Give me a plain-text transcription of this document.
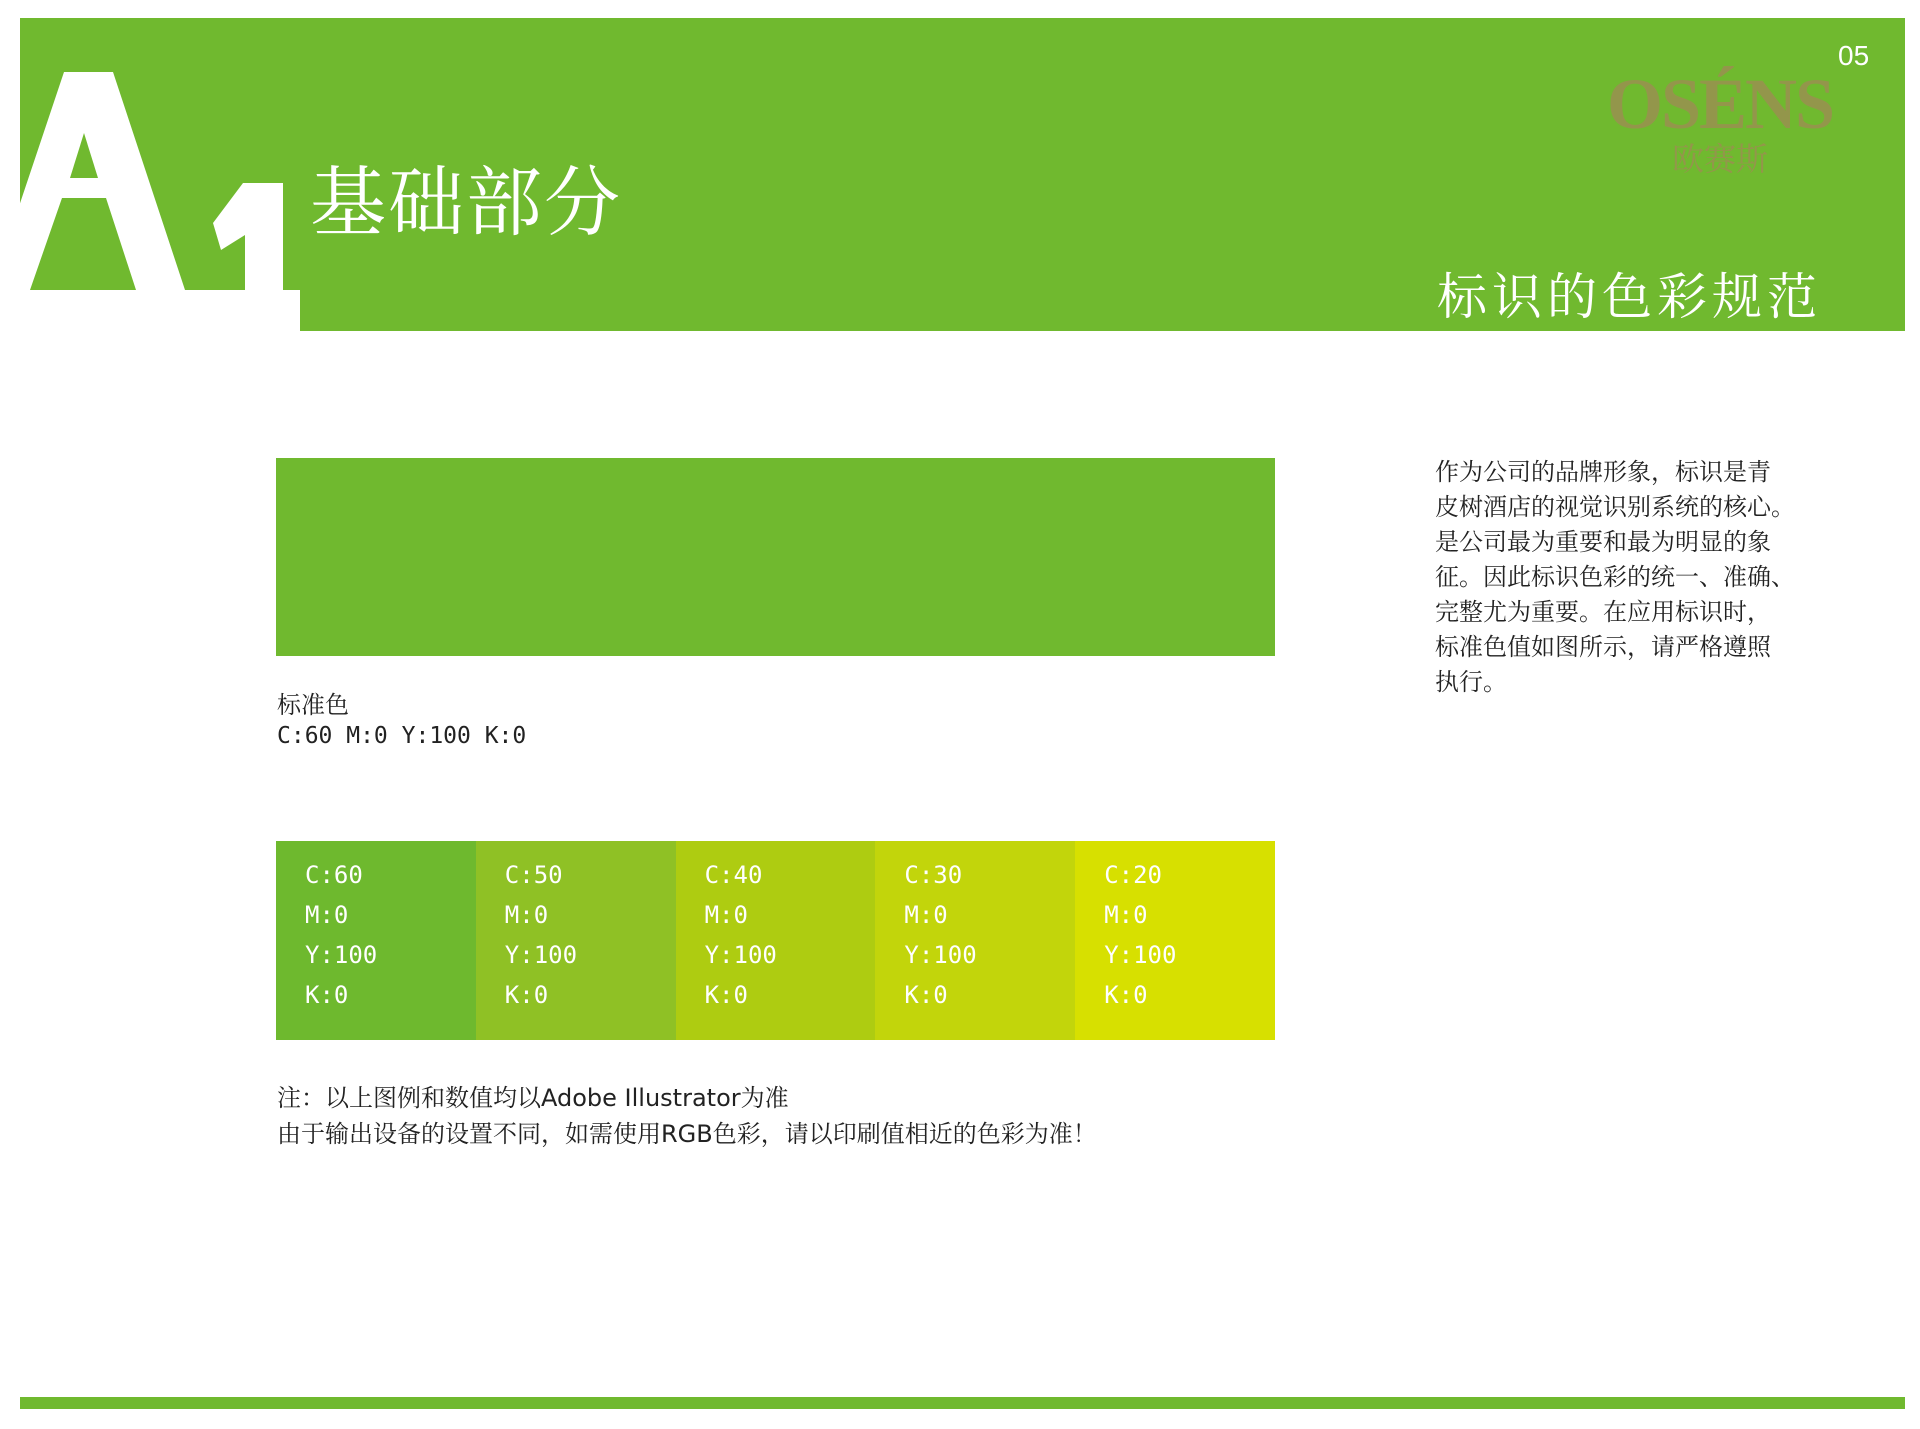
基础部分
05
OSÉNS
欧赛斯
标识的色彩规范
标准色
C:60 M:0 Y:100 K:0
C:60
M:0
Y:100
K:0
C:50
M:0
Y:100
K:0
C:40
M:0
Y:100
K:0
C:30
M:0
Y:100
K:0
C:20
M:0
Y:100
K:0
注：以上图例和数值均以Adobe Illustrator为准
由于输出设备的设置不同，如需使用RGB色彩，请以印刷值相近的色彩为准！
作为公司的品牌形象，标识是青
皮树酒店的视觉识别系统的核心。
是公司最为重要和最为明显的象
征。因此标识色彩的统一、准确、
完整尤为重要。在应用标识时，
标准色值如图所示，请严格遵照
执行。
